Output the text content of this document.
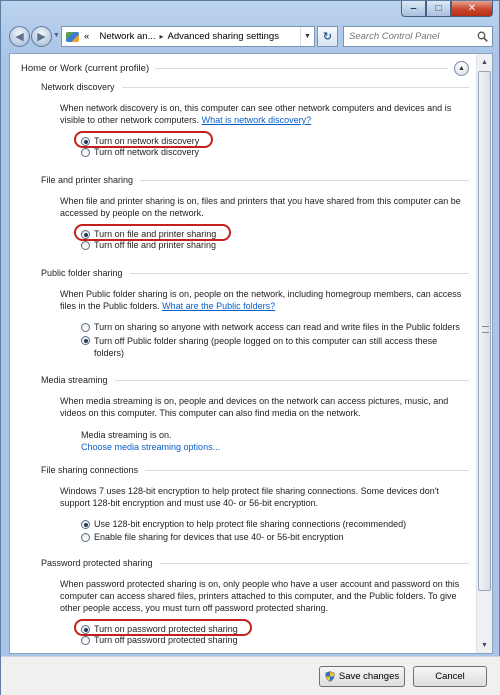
‒	□	✕
◀ ▶ ▼	«
Network an... ▸ Advanced sharing settings	▼ ↻
Search Control Panel
Home or Work (current profile)	▲
Network discovery
When network discovery is on, this computer can see other network computers and devices and is visible to other network computers. What is network discovery?
Turn on network discovery
Turn off network discovery
File and printer sharing
When file and printer sharing is on, files and printers that you have shared from this computer can be accessed by people on the network.
Turn on file and printer sharing
Turn off file and printer sharing
Public folder sharing
When Public folder sharing is on, people on the network, including homegroup members, can access files in the Public folders. What are the Public folders?
Turn on sharing so anyone with network access can read and write files in the Public folders
Turn off Public folder sharing (people logged on to this computer can still access these folders)
Media streaming
When media streaming is on, people and devices on the network can access pictures, music, and videos on this computer. This computer can also find media on the network.
Media streaming is on.
Choose media streaming options...
File sharing connections
Windows 7 uses 128-bit encryption to help protect file sharing connections. Some devices don't support 128-bit encryption and must use 40- or 56-bit encryption.
Use 128-bit encryption to help protect file sharing connections (recommended)
Enable file sharing for devices that use 40- or 56-bit encryption
Password protected sharing
When password protected sharing is on, only people who have a user account and password on this computer can access shared files, printers attached to this computer, and the Public folders. To give other people access, you must turn off password protected sharing.
Turn on password protected sharing
Turn off password protected sharing
▲
▼
Save changes	Cancel
